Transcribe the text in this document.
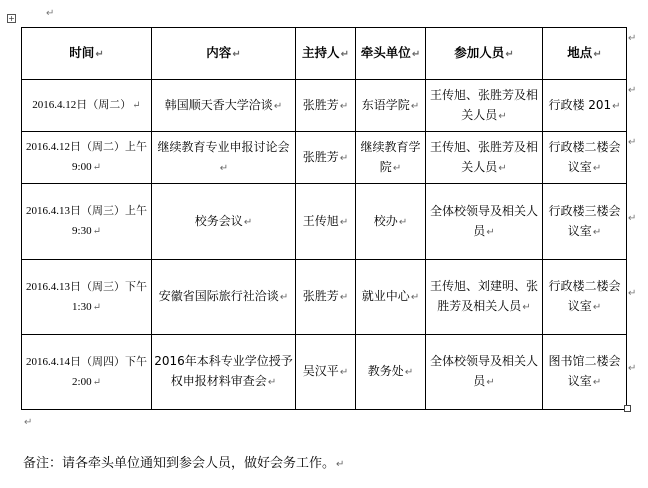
+	↵
时间↵	内容↵	主持人↵	牵头单位↵	参加人员↵	地点↵
2016.4.12日（周二）↵	韩国顺天香大学洽谈↵	张胜芳↵	东语学院↵	王传旭、张胜芳及相关人员↵	行政楼 201↵
2016.4.12日（周二）上午9:00↵	继续教育专业申报讨论会↵	张胜芳↵	继续教育学院↵	王传旭、张胜芳及相关人员↵	行政楼二楼会议室↵
2016.4.13日（周三）上午9:30↵	校务会议↵	王传旭↵	校办↵	全体校领导及相关人员↵	行政楼三楼会议室↵
2016.4.13日（周三）下午1:30↵	安徽省国际旅行社洽谈↵	张胜芳↵	就业中心↵	王传旭、刘建明、张胜芳及相关人员↵	行政楼二楼会议室↵
2016.4.14日（周四）下午2:00↵	2016年本科专业学位授予权申报材料审查会↵	吴汉平↵	教务处↵	全体校领导及相关人员↵	图书馆二楼会议室↵
↵
↵
↵
↵
↵
↵
↵
备注：请各牵头单位通知到参会人员，做好会务工作。↵
